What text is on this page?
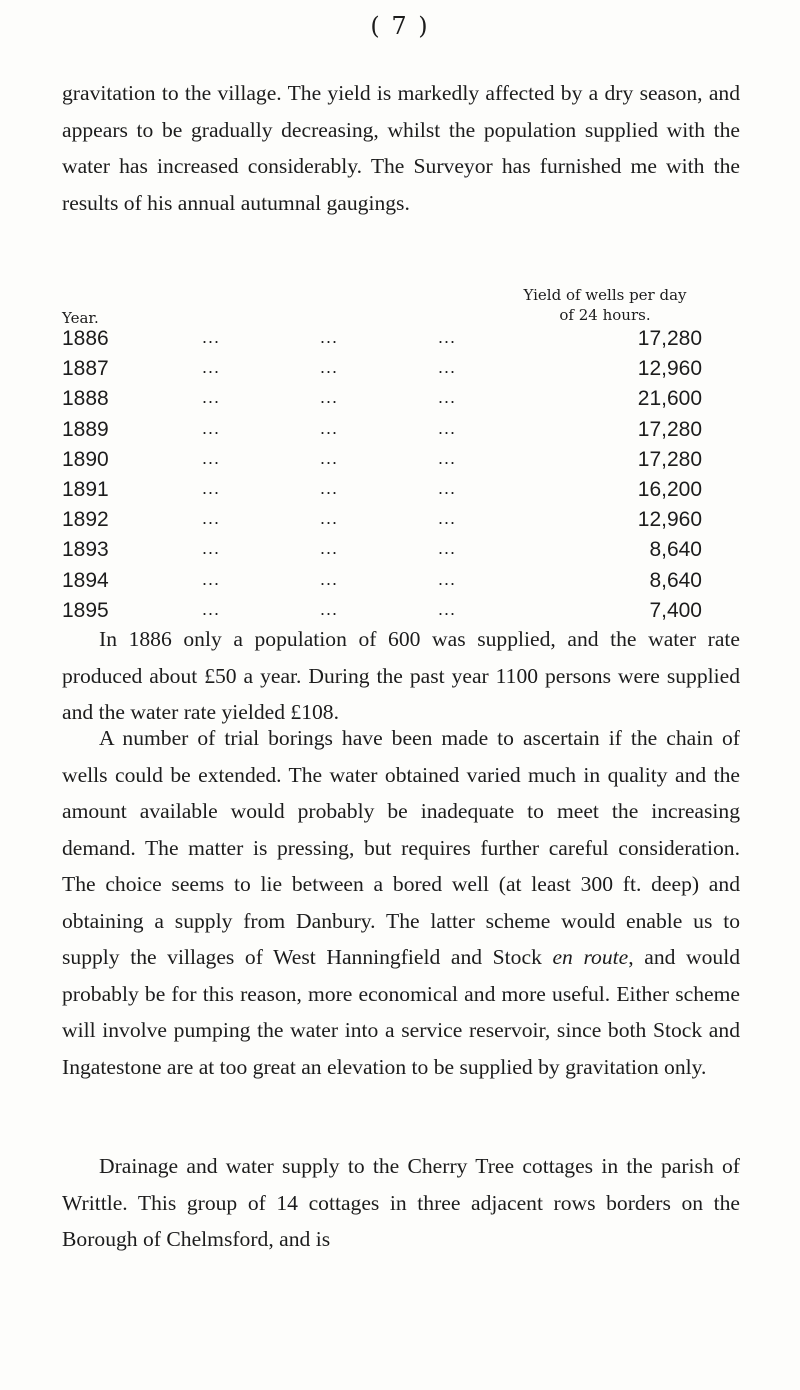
( 7 )

gravitation to the village. The yield is markedly affected by a dry season, and appears to be gradually decreasing, whilst the population supplied with the water has increased considerably. The Surveyor has furnished me with the results of his annual autumnal gaugings.

Yield of wells per day
of 24 hours.
Year.
1886	...	...	...	17,280
1887	...	...	...	12,960
1888	...	...	...	21,600
1889	...	...	...	17,280
1890	...	...	...	17,280
1891	...	...	...	16,200
1892	...	...	...	12,960
1893	...	...	...	8,640
1894	...	...	...	8,640
1895	...	...	...	7,400

In 1886 only a population of 600 was supplied, and the water rate produced about £50 a year. During the past year 1100 persons were supplied and the water rate yielded £108.

A number of trial borings have been made to ascertain if the chain of wells could be extended. The water obtained varied much in quality and the amount available would probably be inadequate to meet the increasing demand. The matter is pressing, but requires further careful consideration. The choice seems to lie between a bored well (at least 300 ft. deep) and obtaining a supply from Danbury. The latter scheme would enable us to supply the villages of West Hanningfield and Stock en route, and would probably be for this reason, more economical and more useful. Either scheme will involve pumping the water into a service reservoir, since both Stock and Ingatestone are at too great an elevation to be supplied by gravitation only.

Drainage and water supply to the Cherry Tree cottages in the parish of Writtle. This group of 14 cottages in three adjacent rows borders on the Borough of Chelmsford, and is
